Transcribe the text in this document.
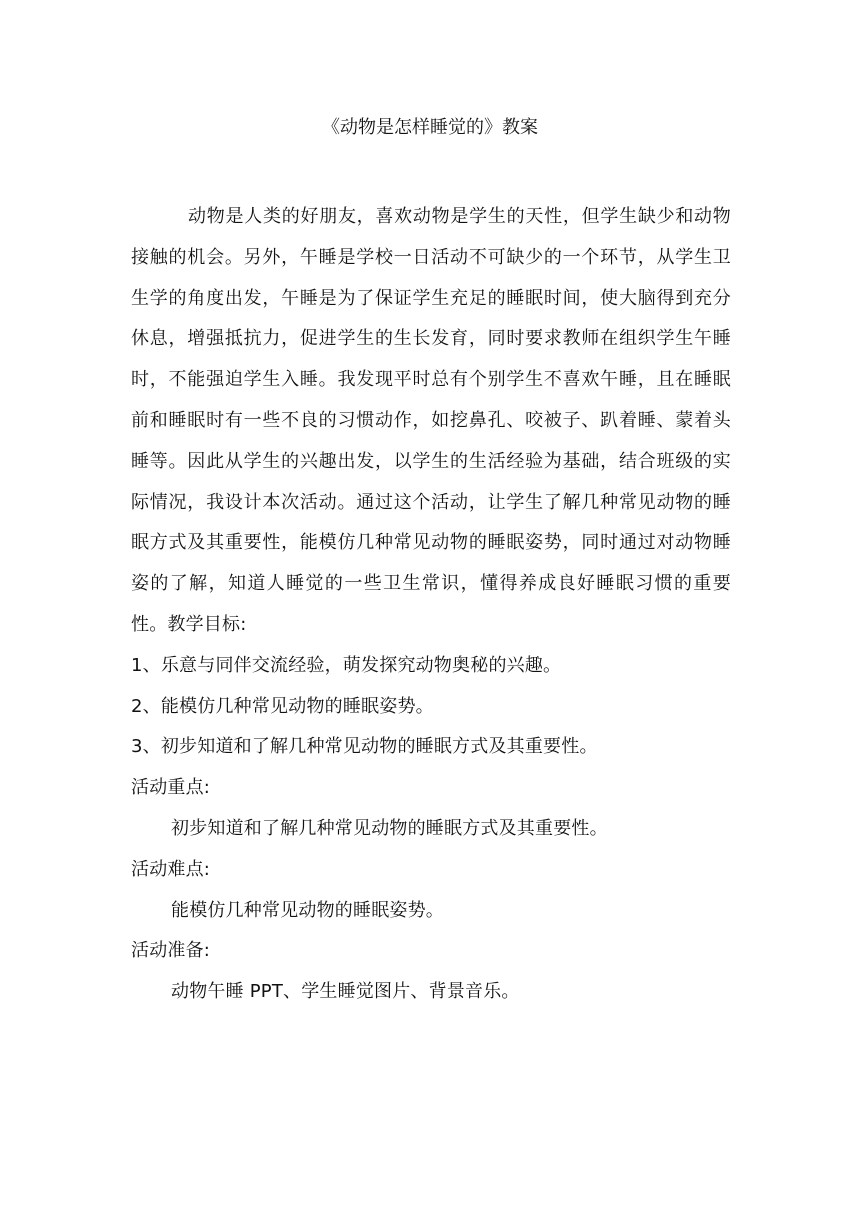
《动物是怎样睡觉的》教案

动物是人类的好朋友，喜欢动物是学生的天性，但学生缺少和动物接触的机会。另外，午睡是学校一日活动不可缺少的一个环节，从学生卫生学的角度出发，午睡是为了保证学生充足的睡眠时间，使大脑得到充分休息，增强抵抗力，促进学生的生长发育，同时要求教师在组织学生午睡时，不能强迫学生入睡。我发现平时总有个别学生不喜欢午睡，且在睡眠前和睡眠时有一些不良的习惯动作，如挖鼻孔、咬被子、趴着睡、蒙着头睡等。因此从学生的兴趣出发，以学生的生活经验为基础，结合班级的实际情况，我设计本次活动。通过这个活动，让学生了解几种常见动物的睡眠方式及其重要性，能模仿几种常见动物的睡眠姿势，同时通过对动物睡姿的了解，知道人睡觉的一些卫生常识，懂得养成良好睡眠习惯的重要性。教学目标:

1、乐意与同伴交流经验，萌发探究动物奥秘的兴趣。

2、能模仿几种常见动物的睡眠姿势。

3、初步知道和了解几种常见动物的睡眠方式及其重要性。

活动重点:

初步知道和了解几种常见动物的睡眠方式及其重要性。

活动难点:

能模仿几种常见动物的睡眠姿势。

活动准备:

动物午睡 PPT、学生睡觉图片、背景音乐。
